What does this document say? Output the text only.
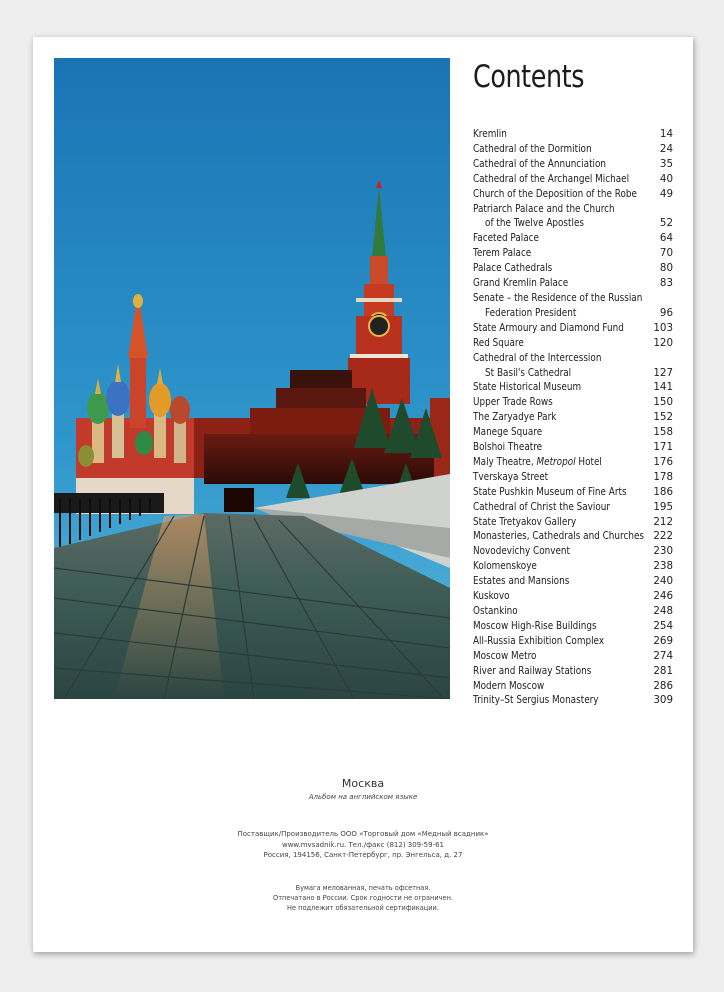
Contents
Kremlin	14
Cathedral of the Dormition	24
Cathedral of the Annunciation	35
Cathedral of the Archangel Michael	40
Church of the Deposition of the Robe	49
Patriarch Palace and the Church
of the Twelve Apostles	52
Faceted Palace	64
Terem Palace	70
Palace Cathedrals	80
Grand Kremlin Palace	83
Senate – the Residence of the Russian
Federation President	96
State Armoury and Diamond Fund	103
Red Square	120
Cathedral of the Intercession
St Basil's Cathedral	127
State Historical Museum	141
Upper Trade Rows	150
The Zaryadye Park	152
Manege Square	158
Bolshoi Theatre	171
Maly Theatre, Metropol Hotel	176
Tverskaya Street	178
State Pushkin Museum of Fine Arts	186
Cathedral of Christ the Saviour	195
State Tretyakov Gallery	212
Monasteries, Cathedrals and Churches 222
Novodevichy Convent	230
Kolomenskoye	238
Estates and Mansions	240
Kuskovo	246
Ostankino	248
Moscow High-Rise Buildings	254
All-Russia Exhibition Complex	269
Moscow Metro	274
River and Railway Stations	281
Modern Moscow	286
Trinity–St Sergius Monastery	309
Москва
Альбом на английском языке
Поставщик/Производитель ООО «Торговый дом «Медный всадник»
www.mvsadnik.ru. Тел./факс (812) 309-59-61
Россия, 194156, Санкт-Петербург, пр. Энгельса, д. 27
Бумага мелованная, печать офсетная.
Отпечатано в России. Срок годности не ограничен.
Не подлежит обязательной сертификации.
